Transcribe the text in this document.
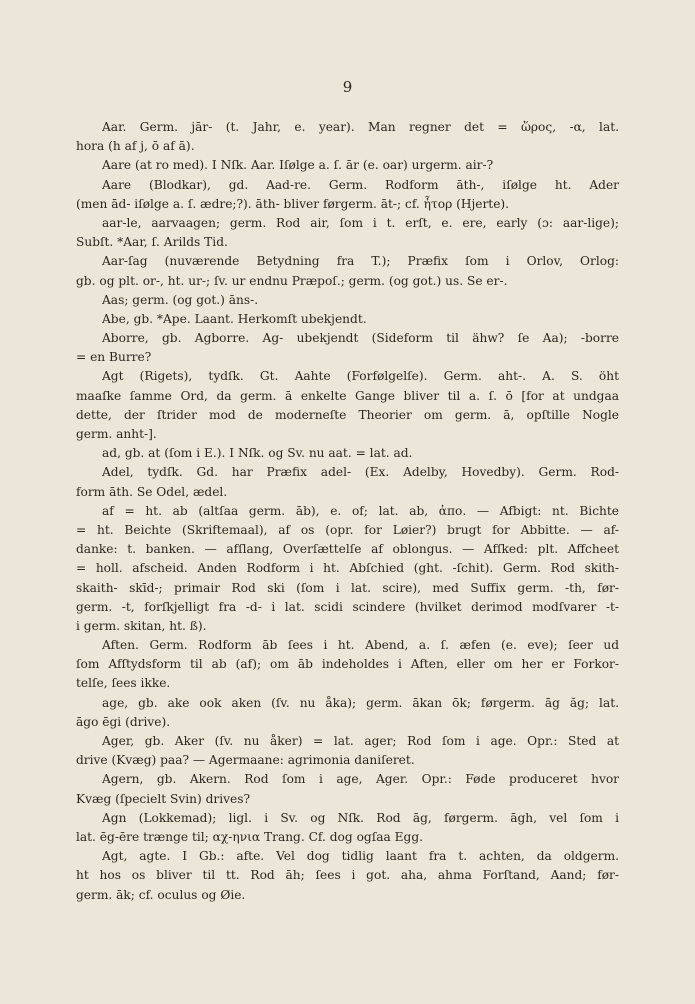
9
Aar. Germ. jār- (t. Jahr, e. year). Man regner det = ὥρος, -α, lat.
hora (h af j, ō af ā).
Aare (at ro med). I Nſk. Aar. Iſølge a. ſ. ār (e. oar) urgerm. air-?
Aare (Blodkar), gd. Aad-re. Germ. Rodform āth-, iſølge ht. Ader
(men ād- iſølge a. ſ. ædre;?). āth- bliver førgerm. āt-; cf. ἦτορ (Hjerte).
aar-le, aarvaagen; germ. Rod air, ſom i t. erſt, e. ere, early (ɔ: aar-lige);
Subſt. *Aar, ſ. Arilds Tid.
Aar-ſag (nuværende Betydning fra T.); Præfix ſom i Orlov, Orlog:
gb. og plt. or-, ht. ur-; ſv. ur endnu Præpoſ.; germ. (og got.) us. Se er-.
Aas; germ. (og got.) āns-.
Abe, gb. *Ape. Laant. Herkomſt ubekjendt.
Aborre, gb. Agborre. Ag- ubekjendt (Sideform til ähw? ſe Aa); -borre
= en Burre?
Agt (Rigets), tydſk. Gt. Aahte (Forfølgelſe). Germ. aht-. A. S. öht
maaſke ſamme Ord, da germ. ā enkelte Gange bliver til a. ſ. ō [for at undgaa
dette, der ſtrider mod de moderneſte Theorier om germ. ā, opſtille Nogle
germ. anht-].
ad, gb. at (ſom i E.). I Nſk. og Sv. nu aat. = lat. ad.
Adel, tydſk. Gd. har Præfix adel- (Ex. Adelby, Hovedby). Germ. Rod-
form āth. Se Odel, ædel.
af = ht. ab (altſaa germ. āb), e. of; lat. ab, ἀπο. — Afbigt: nt. Bichte
= ht. Beichte (Skriftemaal), af os (opr. for Løier?) brugt for Abbitte. — af-
danke: t. banken. — afſlang, Overſættelſe af oblongus. — Afſked: plt. Affcheet
= holl. afscheid. Anden Rodform i ht. Abſchied (ght. -ſchit). Germ. Rod skith-
skaith- skīd-; primair Rod ski (ſom i lat. scire), med Suffix germ. -th, før-
germ. -t, forſkjelligt fra -d- i lat. scidi scindere (hvilket derimod modſvarer -t-
i germ. skitan, ht. ß).
Aften. Germ. Rodform āb ſees i ht. Abend, a. ſ. æfen (e. eve); ſeer ud
ſom Afſtydsform til ab (af); om āb indeholdes i Aften, eller om her er Forkor-
telſe, ſees ikke.
age, gb. ake ook aken (ſv. nu åka); germ. ākan ōk; førgerm. āg ăg; lat.
āgo ēgi (drive).
Ager, gb. Aker (ſv. nu åker) = lat. ager; Rod ſom i age. Opr.: Sted at
drive (Kvæg) paa? — Agermaane: agrimonia daniſeret.
Agern, gb. Akern. Rod ſom i age, Ager. Opr.: Føde produceret hvor
Kvæg (ſpecielt Svin) drives?
Agn (Lokkemad); ligl. i Sv. og Nſk. Rod āg, førgerm. āgh, vel ſom i
lat. ēg-ēre trænge til; αχ-ηνια Trang. Cf. dog ogſaa Egg.
Agt, agte. I Gb.: afte. Vel dog tidlig laant fra t. achten, da oldgerm.
ht hos os bliver til tt. Rod āh; ſees i got. aha, ahma Forſtand, Aand; før-
germ. āk; cf. oculus og Øie.
